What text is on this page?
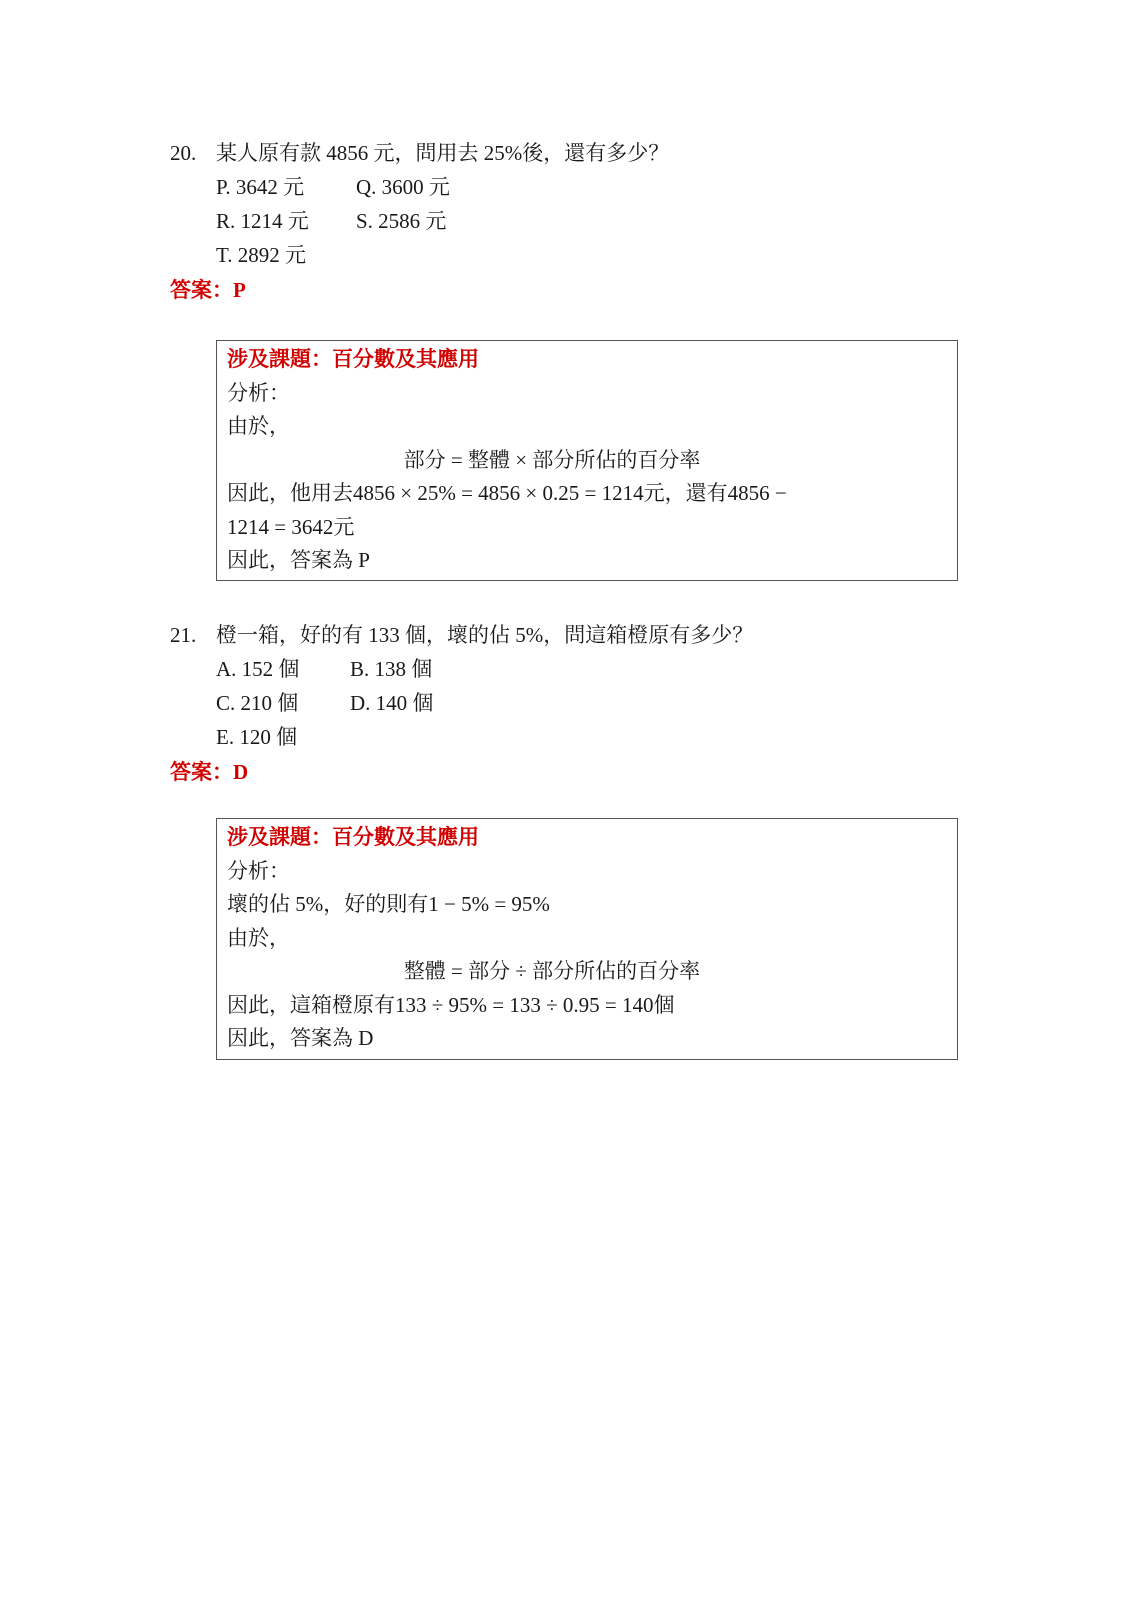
20. 某人原有款 4856 元，問用去 25%後，還有多少？
P. 3642 元 Q. 3600 元
R. 1214 元 S. 2586 元
T. 2892 元
答案：P
涉及課題：百分數及其應用
分析：
由於，
部分 = 整體 × 部分所佔的百分率
因此，他用去4856 × 25% = 4856 × 0.25 = 1214元，還有4856 −
1214 = 3642元
因此，答案為 P
21. 橙一箱，好的有 133 個，壞的佔 5%，問這箱橙原有多少？
A. 152 個 B. 138 個
C. 210 個 D. 140 個
E. 120 個
答案：D
涉及課題：百分數及其應用
分析：
壞的佔 5%，好的則有1 − 5% = 95%
由於，
整體 = 部分 ÷ 部分所佔的百分率
因此，這箱橙原有133 ÷ 95% = 133 ÷ 0.95 = 140個
因此，答案為 D
